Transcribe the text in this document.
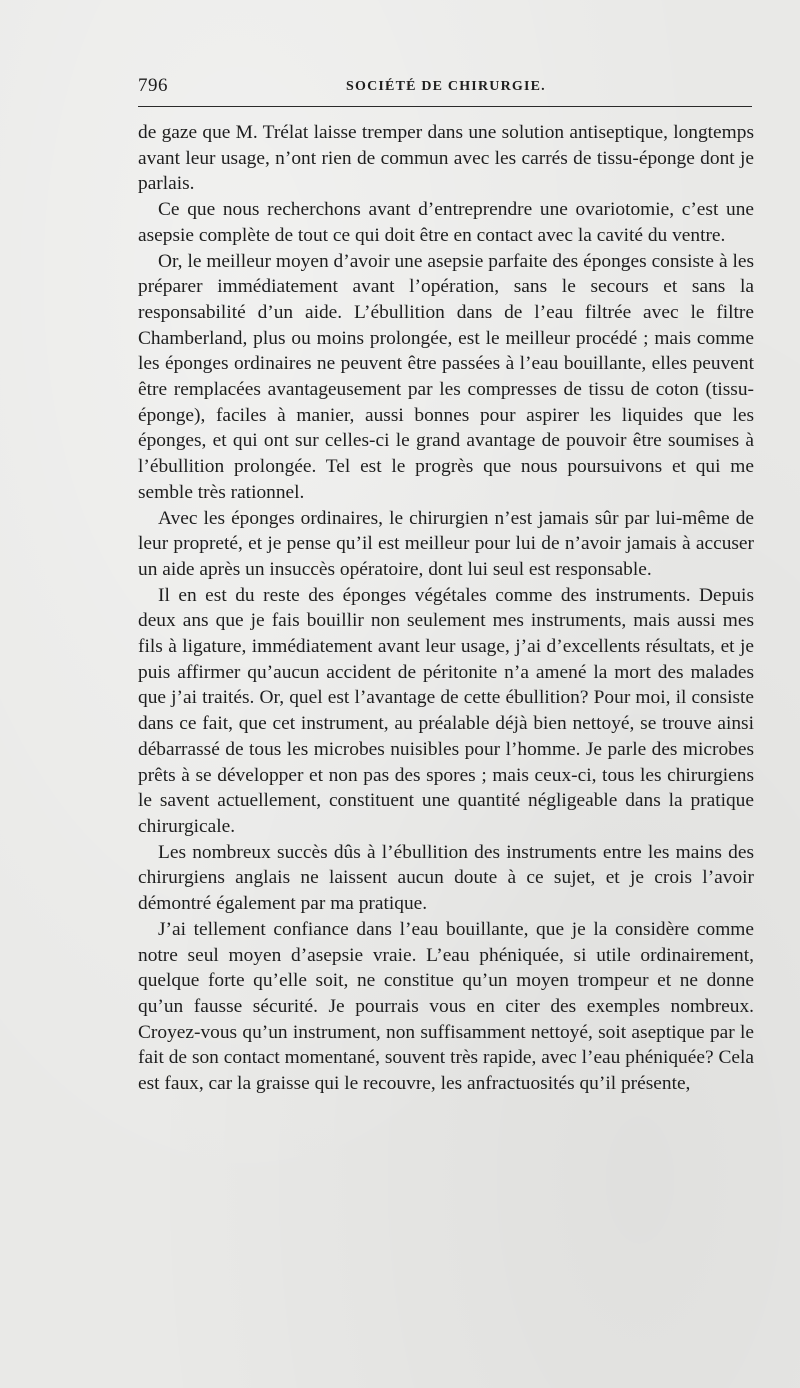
796	SOCIÉTÉ DE CHIRURGIE.

de gaze que M. Trélat laisse tremper dans une solution antiseptique, longtemps avant leur usage, n’ont rien de commun avec les carrés de tissu-éponge dont je parlais.

Ce que nous recherchons avant d’entreprendre une ovariotomie, c’est une asepsie complète de tout ce qui doit être en contact avec la cavité du ventre.

Or, le meilleur moyen d’avoir une asepsie parfaite des éponges consiste à les préparer immédiatement avant l’opération, sans le secours et sans la responsabilité d’un aide. L’ébullition dans de l’eau filtrée avec le filtre Chamberland, plus ou moins prolongée, est le meilleur procédé ; mais comme les éponges ordinaires ne peuvent être passées à l’eau bouillante, elles peuvent être remplacées avantageusement par les compresses de tissu de coton (tissu-éponge), faciles à manier, aussi bonnes pour aspirer les liquides que les éponges, et qui ont sur celles-ci le grand avantage de pouvoir être soumises à l’ébullition prolongée. Tel est le progrès que nous poursuivons et qui me semble très rationnel.

Avec les éponges ordinaires, le chirurgien n’est jamais sûr par lui-même de leur propreté, et je pense qu’il est meilleur pour lui de n’avoir jamais à accuser un aide après un insuccès opératoire, dont lui seul est responsable.

Il en est du reste des éponges végétales comme des instruments. Depuis deux ans que je fais bouillir non seulement mes instruments, mais aussi mes fils à ligature, immédiatement avant leur usage, j’ai d’excellents résultats, et je puis affirmer qu’aucun accident de péritonite n’a amené la mort des malades que j’ai traités. Or, quel est l’avantage de cette ébullition? Pour moi, il consiste dans ce fait, que cet instrument, au préalable déjà bien nettoyé, se trouve ainsi débarrassé de tous les microbes nuisibles pour l’homme. Je parle des microbes prêts à se développer et non pas des spores ; mais ceux-ci, tous les chirurgiens le savent actuellement, constituent une quantité négligeable dans la pratique chirurgicale.

Les nombreux succès dûs à l’ébullition des instruments entre les mains des chirurgiens anglais ne laissent aucun doute à ce sujet, et je crois l’avoir démontré également par ma pratique.

J’ai tellement confiance dans l’eau bouillante, que je la considère comme notre seul moyen d’asepsie vraie. L’eau phéniquée, si utile ordinairement, quelque forte qu’elle soit, ne constitue qu’un moyen trompeur et ne donne qu’un fausse sécurité. Je pourrais vous en citer des exemples nombreux. Croyez-vous qu’un instrument, non suffisamment nettoyé, soit aseptique par le fait de son contact momentané, souvent très rapide, avec l’eau phéniquée? Cela est faux, car la graisse qui le recouvre, les anfractuosités qu’il présente,
